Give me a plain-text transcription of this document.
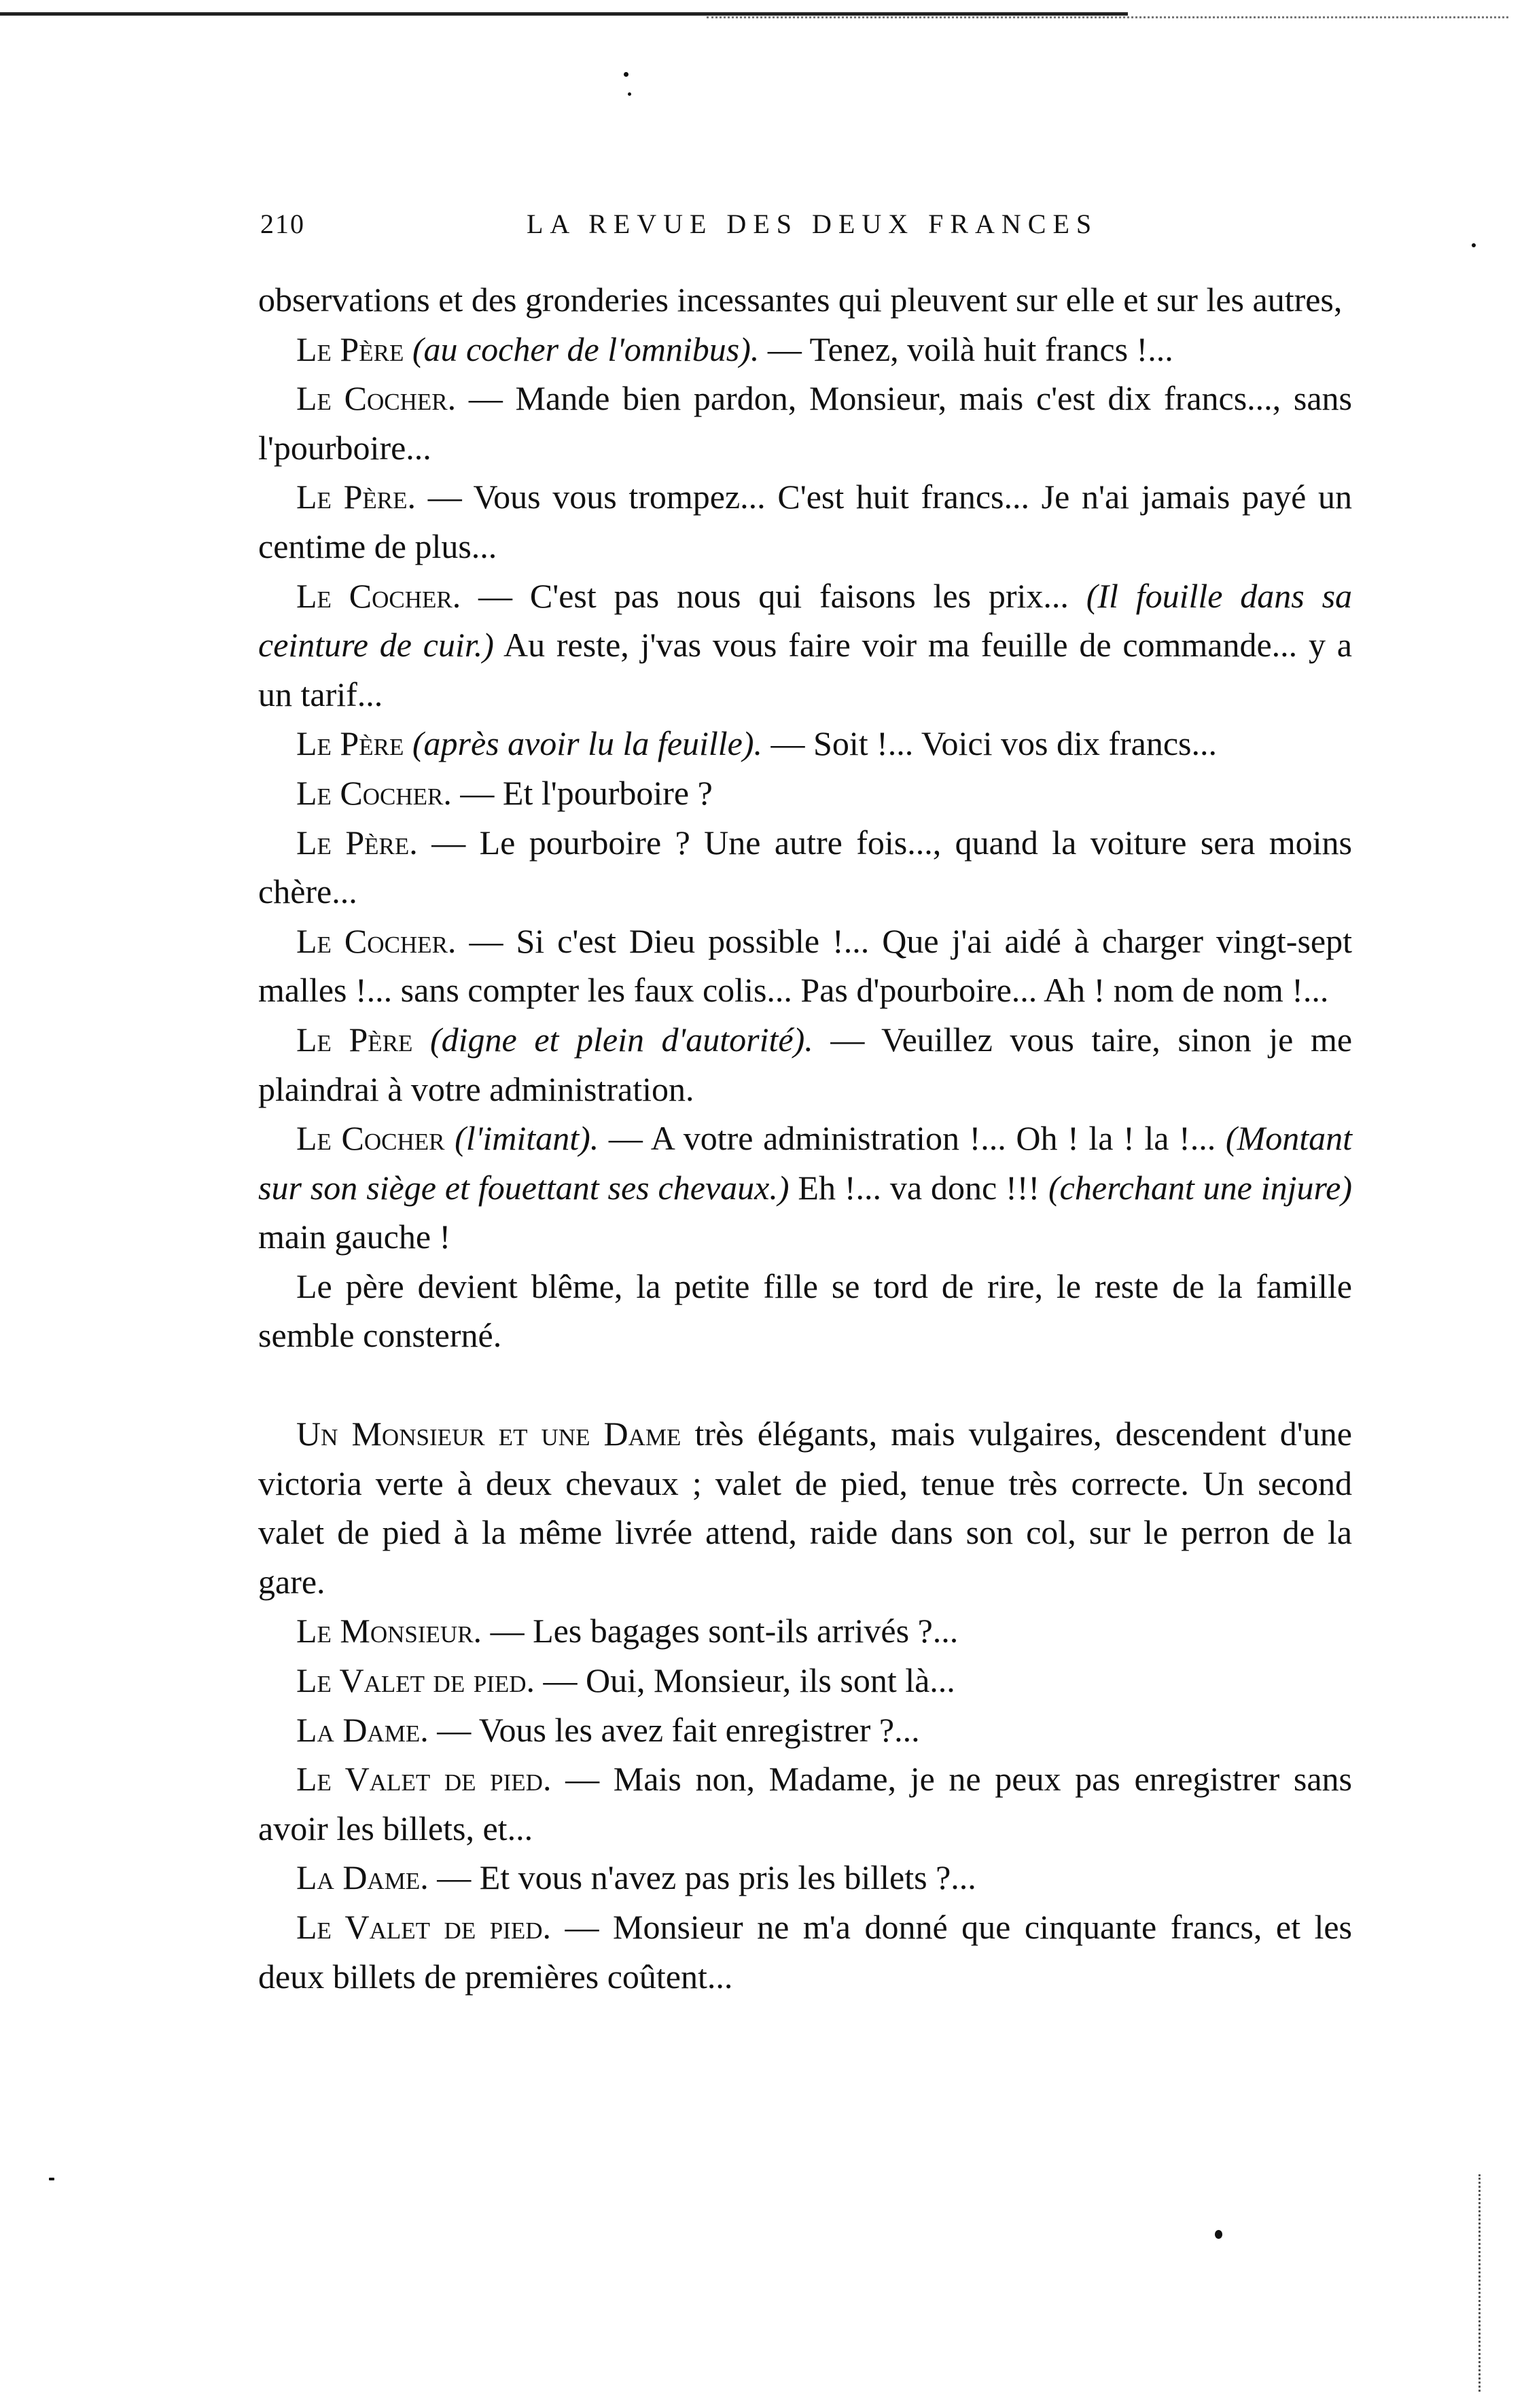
210	LA REVUE DES DEUX FRANCES

observations et des gronderies incessantes qui pleuvent sur elle et sur les autres,

Le Père (au cocher de l'omnibus). — Tenez, voilà huit francs !...

Le Cocher. — Mande bien pardon, Monsieur, mais c'est dix francs..., sans l'pourboire...

Le Père. — Vous vous trompez... C'est huit francs... Je n'ai jamais payé un centime de plus...

Le Cocher. — C'est pas nous qui faisons les prix... (Il fouille dans sa ceinture de cuir.) Au reste, j'vas vous faire voir ma feuille de commande... y a un tarif...

Le Père (après avoir lu la feuille). — Soit !... Voici vos dix francs...

Le Cocher. — Et l'pourboire ?

Le Père. — Le pourboire ? Une autre fois..., quand la voiture sera moins chère...

Le Cocher. — Si c'est Dieu possible !... Que j'ai aidé à charger vingt-sept malles !... sans compter les faux colis... Pas d'pourboire... Ah ! nom de nom !...

Le Père (digne et plein d'autorité). — Veuillez vous taire, sinon je me plaindrai à votre administration.

Le Cocher (l'imitant). — A votre administration !... Oh ! la ! la !... (Montant sur son siège et fouettant ses chevaux.) Eh !... va donc !!! (cherchant une injure) main gauche !

Le père devient blême, la petite fille se tord de rire, le reste de la famille semble consterné.

Un Monsieur et une Dame très élégants, mais vulgaires, descendent d'une victoria verte à deux chevaux ; valet de pied, tenue très correcte. Un second valet de pied à la même livrée attend, raide dans son col, sur le perron de la gare.

Le Monsieur. — Les bagages sont-ils arrivés ?...

Le Valet de pied. — Oui, Monsieur, ils sont là...

La Dame. — Vous les avez fait enregistrer ?...

Le Valet de pied. — Mais non, Madame, je ne peux pas enregistrer sans avoir les billets, et...

La Dame. — Et vous n'avez pas pris les billets ?...

Le Valet de pied. — Monsieur ne m'a donné que cinquante francs, et les deux billets de premières coûtent...
